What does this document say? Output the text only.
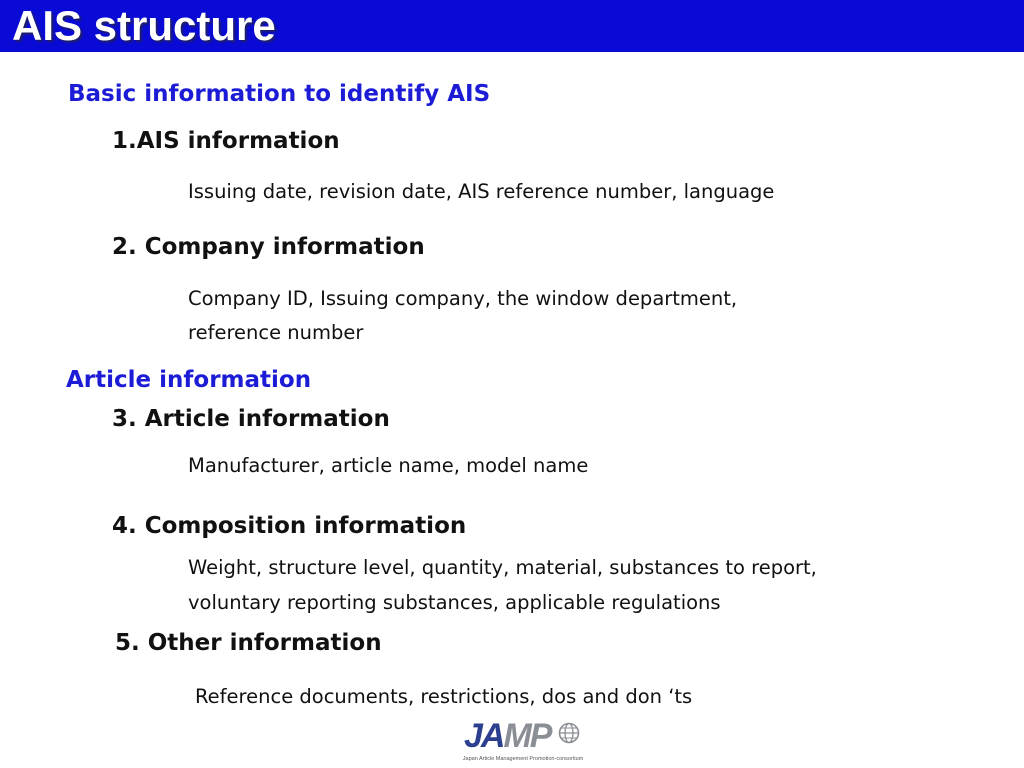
AIS structure
Basic information to identify AIS
1.AIS information

Issuing date, revision date, AIS reference number, language

2. Company information

Company ID, Issuing company, the window department,

reference number

Article information
3. Article information

Manufacturer, article name, model name

4. Composition information

Weight, structure level, quantity, material, substances to report,

voluntary reporting substances, applicable regulations

5. Other information

Reference documents, restrictions, dos and don ‘ts

JAMP
Japan Article Management Promotion-consortium
